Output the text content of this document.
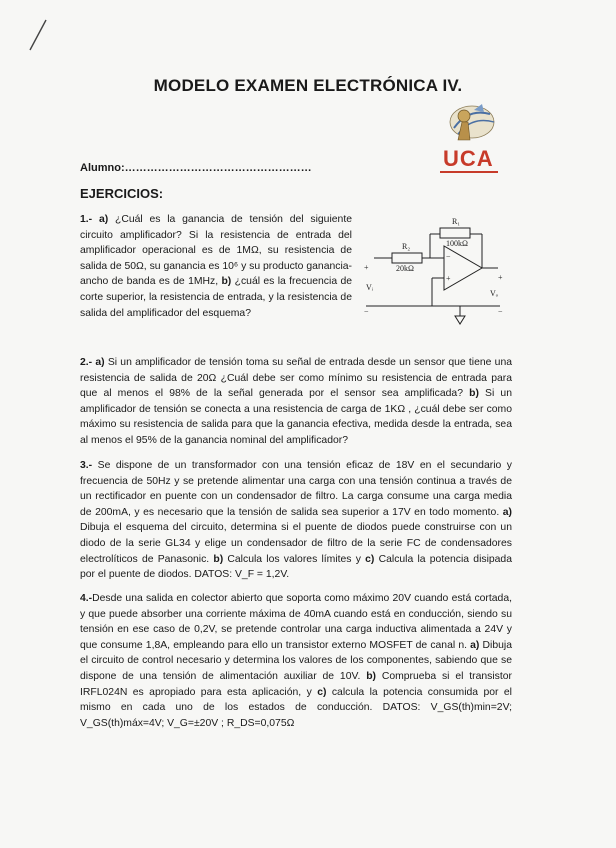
MODELO EXAMEN ELECTRÓNICA IV.
UCA
Alumno:……………………………………………
EJERCICIOS:
R₁
100kΩ
R₂
20kΩ
−
+
+
Vᵢ
−
+
Vₒ
−
1.- a) ¿Cuál es la ganancia de tensión del siguiente circuito amplificador? Si la resistencia de entrada del amplificador operacional es de 1MΩ, su resistencia de salida de 50Ω, su ganancia es 10⁶ y su producto ganancia-ancho de banda es de 1MHz, b) ¿cuál es la frecuencia de corte superior, la resistencia de entrada, y la resistencia de salida del amplificador del esquema?
2.- a) Si un amplificador de tensión toma su señal de entrada desde un sensor que tiene una resistencia de salida de 20Ω ¿Cuál debe ser como mínimo su resistencia de entrada para que al menos el 98% de la señal generada por el sensor sea amplificada? b) Si un amplificador de tensión se conecta a una resistencia de carga de 1KΩ , ¿cuál debe ser como máximo su resistencia de salida para que la ganancia efectiva, medida desde la entrada, sea al menos el 95% de la ganancia nominal del amplificador?
3.- Se dispone de un transformador con una tensión eficaz de 18V en el secundario y frecuencia de 50Hz y se pretende alimentar una carga con una tensión continua a través de un rectificador en puente con un condensador de filtro. La carga consume una carga media de 200mA, y es necesario que la tensión de salida sea superior a 17V en todo momento. a) Dibuja el esquema del circuito, determina si el puente de diodos puede construirse con un diodo de la serie GL34 y elige un condensador de filtro de la serie FC de condensadores electrolíticos de Panasonic. b) Calcula los valores límites y c) Calcula la potencia disipada por el puente de diodos. DATOS: V_F = 1,2V.
4.-Desde una salida en colector abierto que soporta como máximo 20V cuando está cortada, y que puede absorber una corriente máxima de 40mA cuando está en conducción, siendo su tensión en ese caso de 0,2V, se pretende controlar una carga inductiva alimentada a 24V y que consume 1,8A, empleando para ello un transistor externo MOSFET de canal n. a) Dibuja el circuito de control necesario y determina los valores de los componentes, sabiendo que se dispone de una tensión de alimentación auxiliar de 10V. b) Comprueba si el transistor IRFL024N es apropiado para esta aplicación, y c) calcula la potencia consumida por el mismo en cada uno de los estados de conducción. DATOS: V_GS(th)min=2V; V_GS(th)máx=4V; V_G=±20V ; R_DS=0,075Ω
